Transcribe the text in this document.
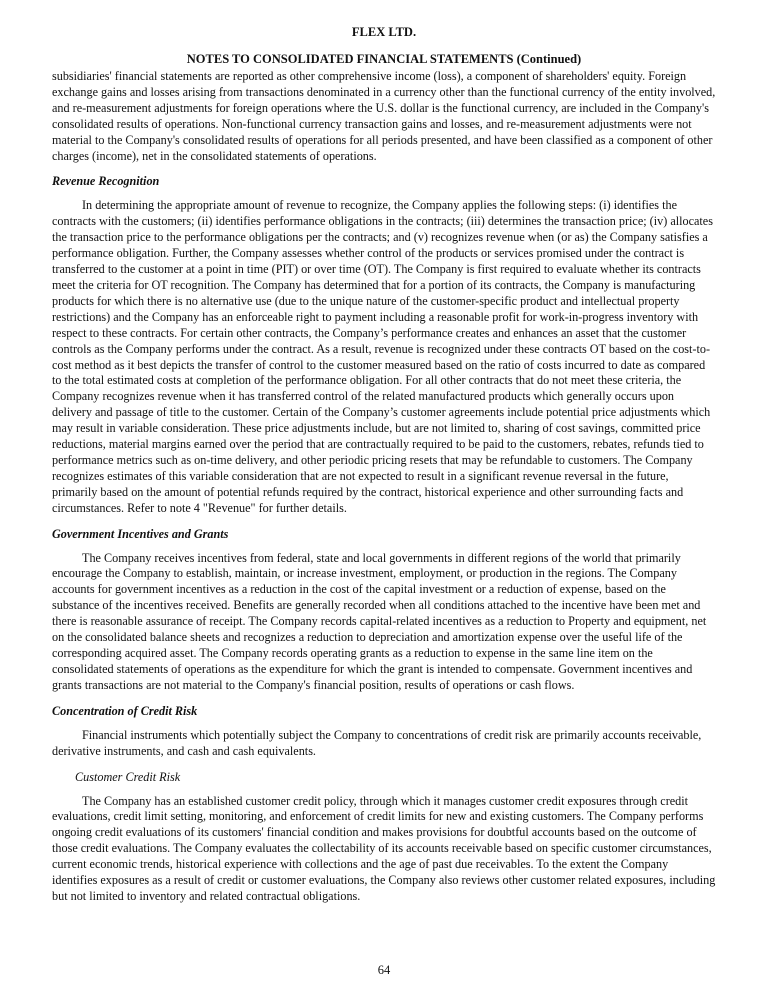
FLEX LTD.
NOTES TO CONSOLIDATED FINANCIAL STATEMENTS (Continued)

subsidiaries' financial statements are reported as other comprehensive income (loss), a component of shareholders' equity. Foreign exchange gains and losses arising from transactions denominated in a currency other than the functional currency of the entity involved, and re-measurement adjustments for foreign operations where the U.S. dollar is the functional currency, are included in the Company's consolidated results of operations. Non-functional currency transaction gains and losses, and re-measurement adjustments were not material to the Company's consolidated results of operations for all periods presented, and have been classified as a component of other charges (income), net in the consolidated statements of operations.

Revenue Recognition

In determining the appropriate amount of revenue to recognize, the Company applies the following steps: (i) identifies the contracts with the customers; (ii) identifies performance obligations in the contracts; (iii) determines the transaction price; (iv) allocates the transaction price to the performance obligations per the contracts; and (v) recognizes revenue when (or as) the Company satisfies a performance obligation. Further, the Company assesses whether control of the products or services promised under the contract is transferred to the customer at a point in time (PIT) or over time (OT). The Company is first required to evaluate whether its contracts meet the criteria for OT recognition. The Company has determined that for a portion of its contracts, the Company is manufacturing products for which there is no alternative use (due to the unique nature of the customer-specific product and intellectual property restrictions) and the Company has an enforceable right to payment including a reasonable profit for work-in-progress inventory with respect to these contracts. For certain other contracts, the Company’s performance creates and enhances an asset that the customer controls as the Company performs under the contract. As a result, revenue is recognized under these contracts OT based on the cost-to-cost method as it best depicts the transfer of control to the customer measured based on the ratio of costs incurred to date as compared to the total estimated costs at completion of the performance obligation. For all other contracts that do not meet these criteria, the Company recognizes revenue when it has transferred control of the related manufactured products which generally occurs upon delivery and passage of title to the customer. Certain of the Company’s customer agreements include potential price adjustments which may result in variable consideration. These price adjustments include, but are not limited to, sharing of cost savings, committed price reductions, material margins earned over the period that are contractually required to be paid to the customers, rebates, refunds tied to performance metrics such as on-time delivery, and other periodic pricing resets that may be refundable to customers. The Company recognizes estimates of this variable consideration that are not expected to result in a significant revenue reversal in the future, primarily based on the amount of potential refunds required by the contract, historical experience and other surrounding facts and circumstances. Refer to note 4 "Revenue" for further details.

Government Incentives and Grants

The Company receives incentives from federal, state and local governments in different regions of the world that primarily encourage the Company to establish, maintain, or increase investment, employment, or production in the regions. The Company accounts for government incentives as a reduction in the cost of the capital investment or a reduction of expense, based on the substance of the incentives received. Benefits are generally recorded when all conditions attached to the incentive have been met and there is reasonable assurance of receipt. The Company records capital-related incentives as a reduction to Property and equipment, net on the consolidated balance sheets and recognizes a reduction to depreciation and amortization expense over the useful life of the corresponding acquired asset. The Company records operating grants as a reduction to expense in the same line item on the consolidated statements of operations as the expenditure for which the grant is intended to compensate. Government incentives and grants transactions are not material to the Company's financial position, results of operations or cash flows.

Concentration of Credit Risk

Financial instruments which potentially subject the Company to concentrations of credit risk are primarily accounts receivable, derivative instruments, and cash and cash equivalents.

Customer Credit Risk

The Company has an established customer credit policy, through which it manages customer credit exposures through credit evaluations, credit limit setting, monitoring, and enforcement of credit limits for new and existing customers. The Company performs ongoing credit evaluations of its customers' financial condition and makes provisions for doubtful accounts based on the outcome of those credit evaluations. The Company evaluates the collectability of its accounts receivable based on specific customer circumstances, current economic trends, historical experience with collections and the age of past due receivables. To the extent the Company identifies exposures as a result of credit or customer evaluations, the Company also reviews other customer related exposures, including but not limited to inventory and related contractual obligations.

64
